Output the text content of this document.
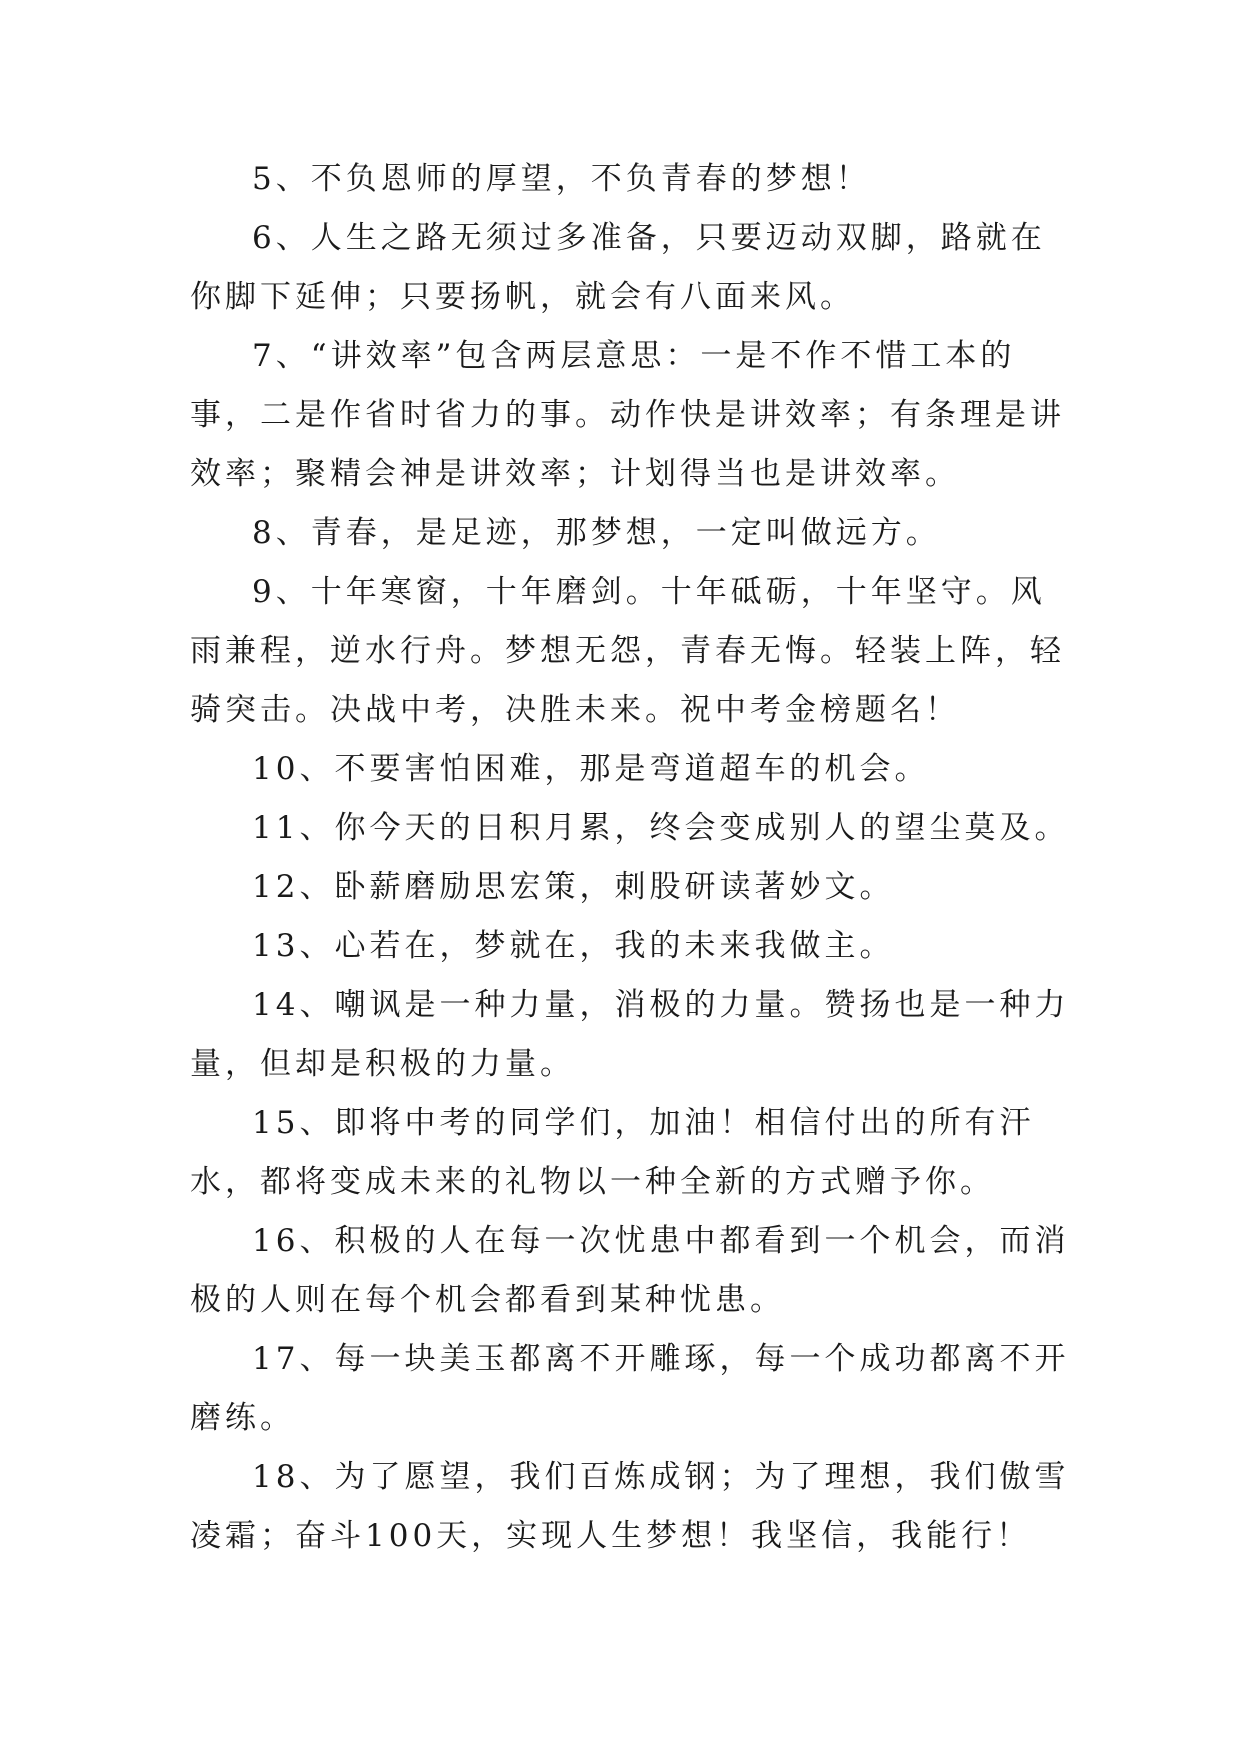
5、不负恩师的厚望，不负青春的梦想！

6、人生之路无须过多准备，只要迈动双脚，路就在你脚下延伸；只要扬帆，就会有八面来风。

7、“讲效率”包含两层意思：一是不作不惜工本的事，二是作省时省力的事。动作快是讲效率；有条理是讲效率；聚精会神是讲效率；计划得当也是讲效率。

8、青春，是足迹，那梦想，一定叫做远方。

9、十年寒窗，十年磨剑。十年砥砺，十年坚守。风雨兼程，逆水行舟。梦想无怨，青春无悔。轻装上阵，轻骑突击。决战中考，决胜未来。祝中考金榜题名！

10、不要害怕困难，那是弯道超车的机会。

11、你今天的日积月累，终会变成别人的望尘莫及。

12、卧薪磨励思宏策，刺股研读著妙文。

13、心若在，梦就在，我的未来我做主。

14、嘲讽是一种力量，消极的力量。赞扬也是一种力量，但却是积极的力量。

15、即将中考的同学们，加油！相信付出的所有汗水，都将变成未来的礼物以一种全新的方式赠予你。

16、积极的人在每一次忧患中都看到一个机会，而消极的人则在每个机会都看到某种忧患。

17、每一块美玉都离不开雕琢，每一个成功都离不开磨练。

18、为了愿望，我们百炼成钢；为了理想，我们傲雪凌霜；奋斗100天，实现人生梦想！我坚信，我能行！
